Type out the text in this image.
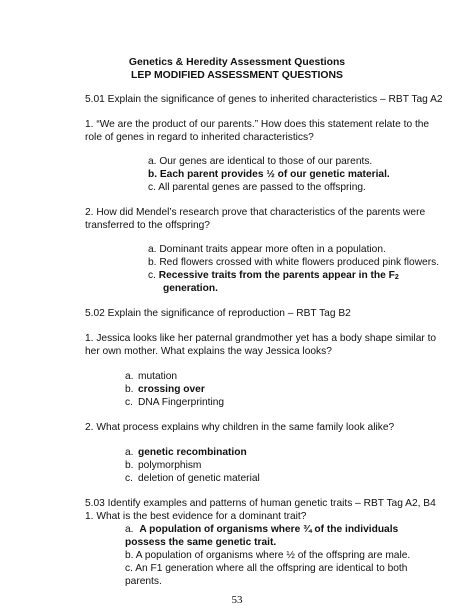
Genetics & Heredity Assessment Questions
LEP MODIFIED ASSESSMENT QUESTIONS
5.01 Explain the significance of genes to inherited characteristics – RBT Tag A2
1. “We are the product of our parents.” How does this statement relate to the
role of genes in regard to inherited characteristics?
a. Our genes are identical to those of our parents.
b. Each parent provides ½ of our genetic material.
c. All parental genes are passed to the offspring.
2. How did Mendel’s research prove that characteristics of the parents were
transferred to the offspring?
a. Dominant traits appear more often in a population.
b. Red flowers crossed with white flowers produced pink flowers.
c. Recessive traits from the parents appear in the $F_2$
generation.
5.02 Explain the significance of reproduction – RBT Tag B2
1. Jessica looks like her paternal grandmother yet has a body shape similar to
her own mother. What explains the way Jessica looks?
a. mutation
b. crossing over
c. DNA Fingerprinting
2. What process explains why children in the same family look alike?
a. genetic recombination
b. polymorphism
c. deletion of genetic material
5.03 Identify examples and patterns of human genetic traits – RBT Tag A2, B4
1. What is the best evidence for a dominant trait?
a. A population of organisms where ¾ of the individuals
possess the same genetic trait.
b. A population of organisms where ½ of the offspring are male.
c. An F1 generation where all the offspring are identical to both
parents.
53
